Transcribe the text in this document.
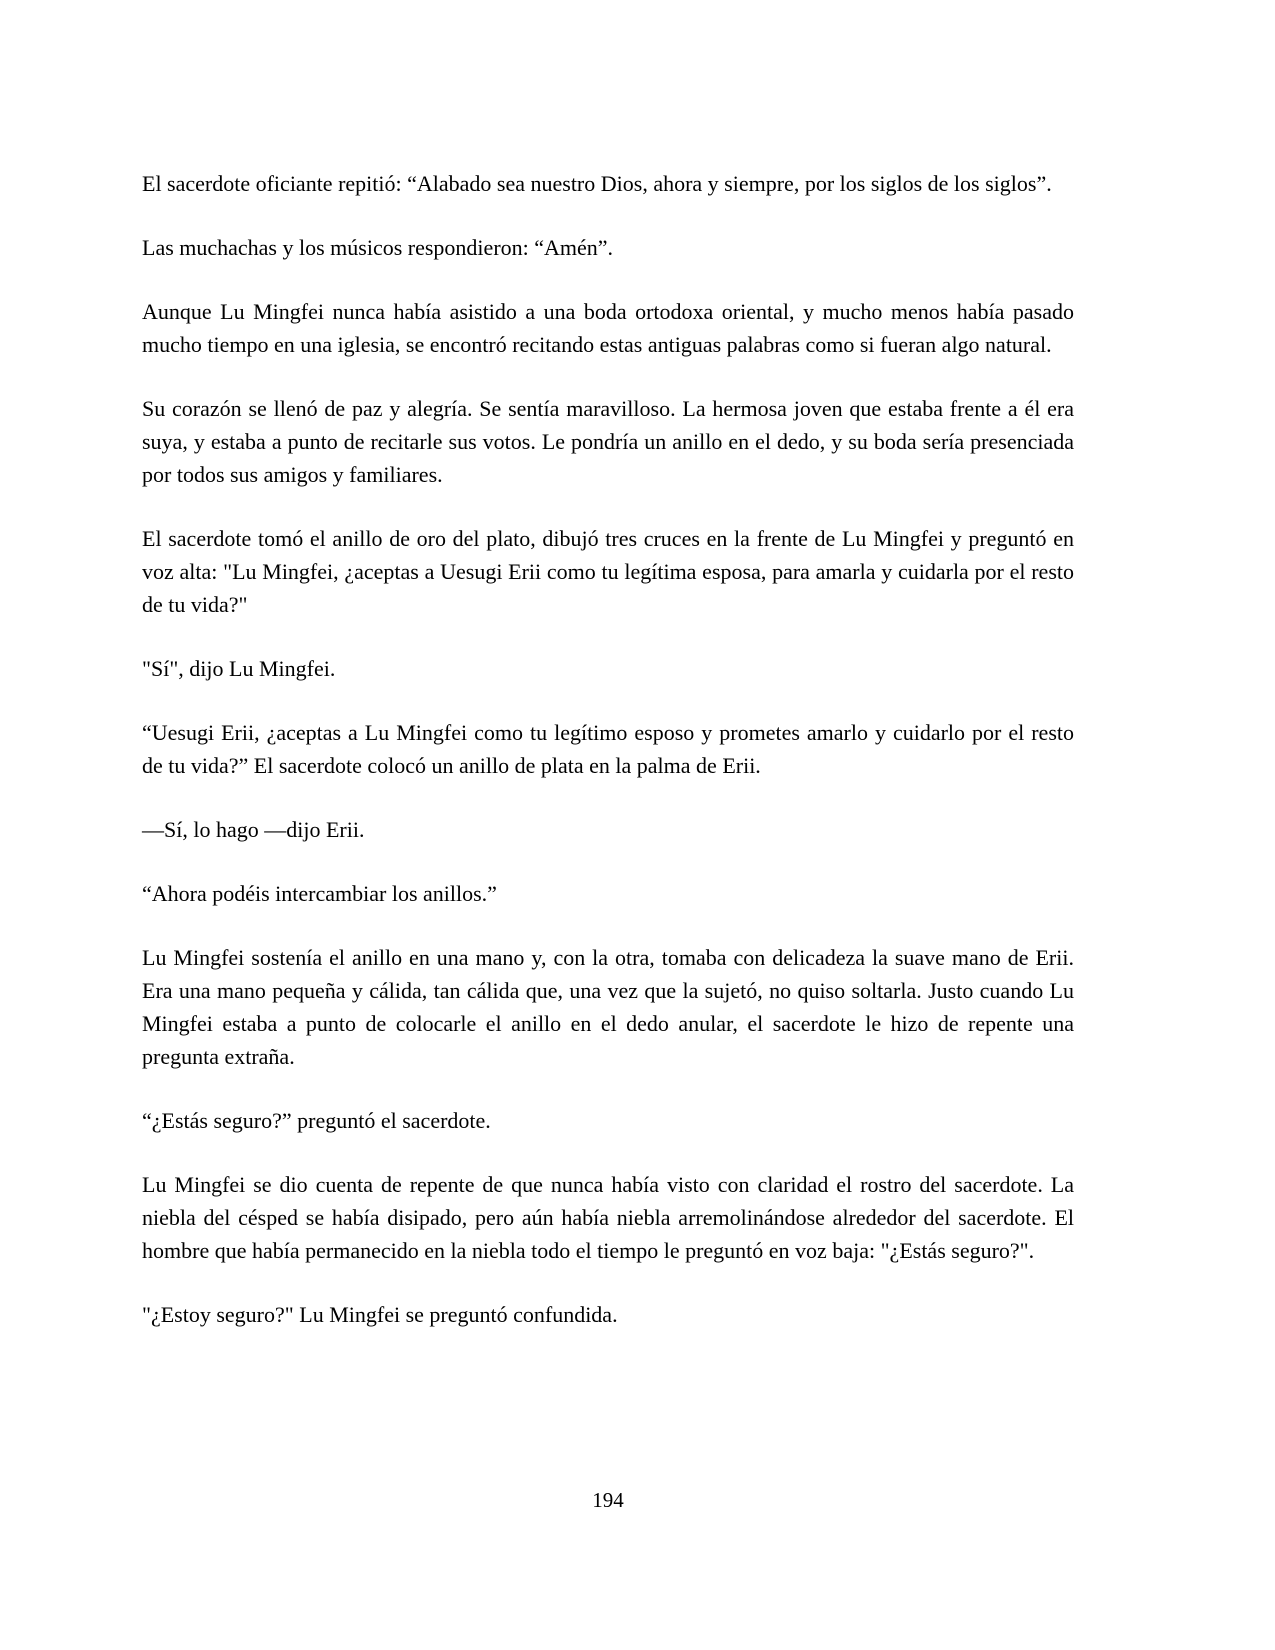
El sacerdote oficiante repitió: “Alabado sea nuestro Dios, ahora y siempre, por los siglos de los siglos”.

Las muchachas y los músicos respondieron: “Amén”.

Aunque Lu Mingfei nunca había asistido a una boda ortodoxa oriental, y mucho menos había pasado mucho tiempo en una iglesia, se encontró recitando estas antiguas palabras como si fueran algo natural.

Su corazón se llenó de paz y alegría. Se sentía maravilloso. La hermosa joven que estaba frente a él era suya, y estaba a punto de recitarle sus votos. Le pondría un anillo en el dedo, y su boda sería presenciada por todos sus amigos y familiares.

El sacerdote tomó el anillo de oro del plato, dibujó tres cruces en la frente de Lu Mingfei y preguntó en voz alta: "Lu Mingfei, ¿aceptas a Uesugi Erii como tu legítima esposa, para amarla y cuidarla por el resto de tu vida?"

"Sí", dijo Lu Mingfei.

“Uesugi Erii, ¿aceptas a Lu Mingfei como tu legítimo esposo y prometes amarlo y cuidarlo por el resto de tu vida?” El sacerdote colocó un anillo de plata en la palma de Erii.

—Sí, lo hago —dijo Erii.

“Ahora podéis intercambiar los anillos.”

Lu Mingfei sostenía el anillo en una mano y, con la otra, tomaba con delicadeza la suave mano de Erii. Era una mano pequeña y cálida, tan cálida que, una vez que la sujetó, no quiso soltarla. Justo cuando Lu Mingfei estaba a punto de colocarle el anillo en el dedo anular, el sacerdote le hizo de repente una pregunta extraña.

“¿Estás seguro?” preguntó el sacerdote.

Lu Mingfei se dio cuenta de repente de que nunca había visto con claridad el rostro del sacerdote. La niebla del césped se había disipado, pero aún había niebla arremolinándose alrededor del sacerdote. El hombre que había permanecido en la niebla todo el tiempo le preguntó en voz baja: "¿Estás seguro?".

"¿Estoy seguro?" Lu Mingfei se preguntó confundida.

194
